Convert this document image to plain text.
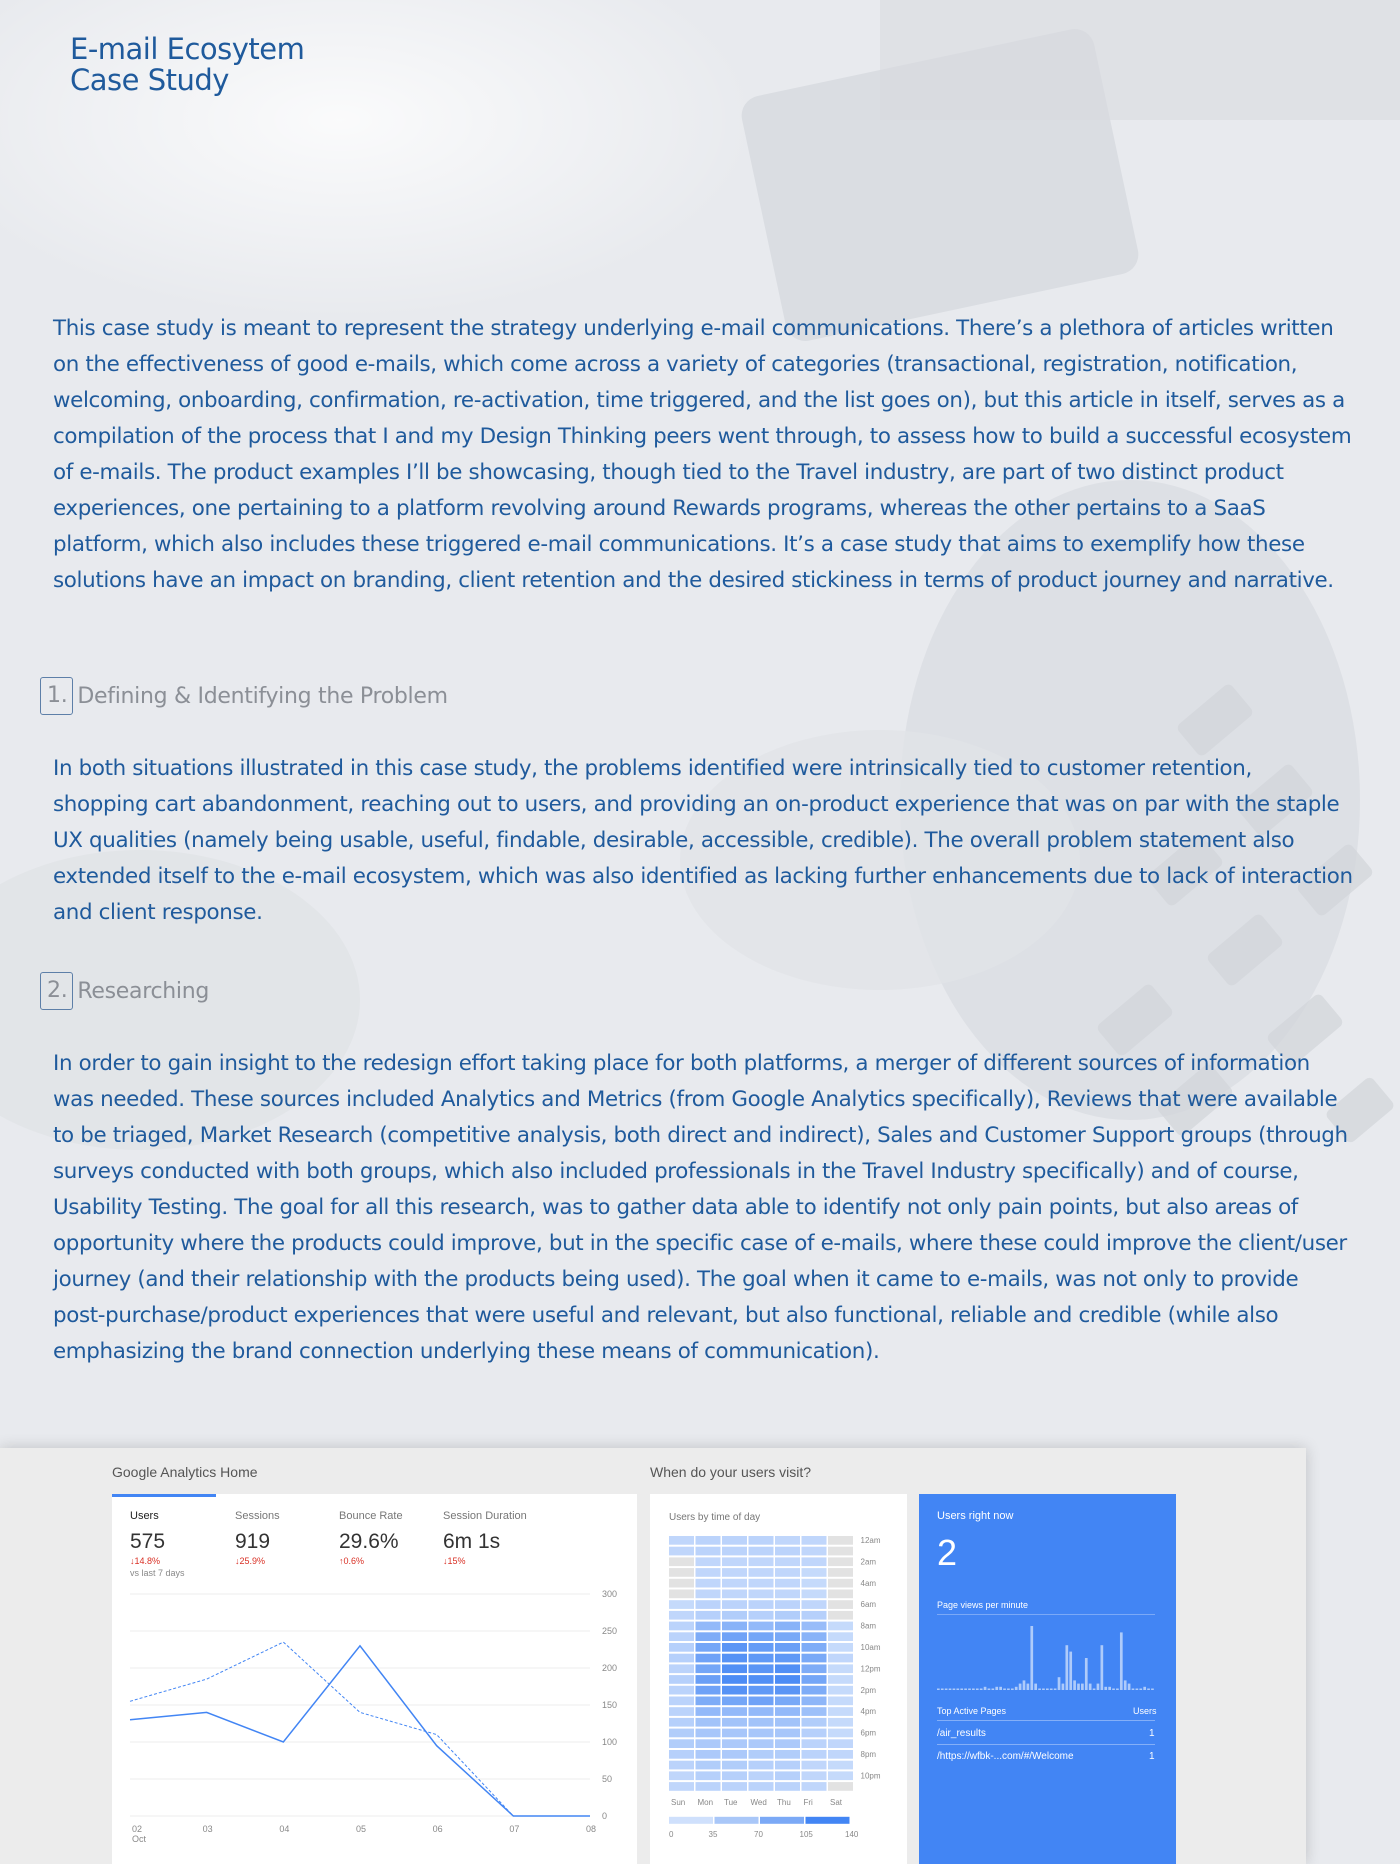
E-mail Ecosytem
Case Study

This case study is meant to represent the strategy underlying e-mail communications. There’s a plethora of articles written on the effectiveness of good e-mails, which come across a variety of categories (transactional, registration, notification, welcoming, onboarding, confirmation, re-activation, time triggered, and the list goes on), but this article in itself, serves as a compilation of the process that I and my Design Thinking peers went through, to assess how to build a successful ecosystem of e-mails. The product examples I’ll be showcasing, though tied to the Travel industry, are part of two distinct product experiences, one pertaining to a platform revolving around Rewards programs, whereas the other pertains to a SaaS platform, which also includes these triggered e-mail communications. It’s a case study that aims to exemplify how these solutions have an impact on branding, client retention and the desired stickiness in terms of product journey and narrative.

1. Defining & Identifying the Problem

In both situations illustrated in this case study, the problems identified were intrinsically tied to customer retention, shopping cart abandonment, reaching out to users, and providing an on-product experience that was on par with the staple UX qualities (namely being usable, useful, findable, desirable, accessible, credible). The overall problem statement also extended itself to the e-mail ecosystem, which was also identified as lacking further enhancements due to lack of interaction and client response.

2. Researching

In order to gain insight to the redesign effort taking place for both platforms, a merger of different sources of information was needed. These sources included Analytics and Metrics (from Google Analytics specifically), Reviews that were available to be triaged, Market Research (competitive analysis, both direct and indirect), Sales and Customer Support groups (through surveys conducted with both groups, which also included professionals in the Travel Industry specifically) and of course, Usability Testing. The goal for all this research, was to gather data able to identify not only pain points, but also areas of opportunity where the products could improve, but in the specific case of e-mails, where these could improve the client/user journey (and their relationship with the products being used). The goal when it came to e-mails, was not only to provide post-purchase/product experiences that were useful and relevant, but also functional, reliable and credible (while also emphasizing the brand connection underlying these means of communication).

Google Analytics Home	When do your users visit?
Users
575
↓14.8%
vs last 7 days
Sessions
919
↓25.9%
Bounce Rate
29.6%
↑0.6%
Session Duration
6m 1s
↓15%
0
50
100
150
200
250
300
02	03	04	05	06	07	08
Oct
Users by time of day
12am
2am
4am
6am
8am
10am
12pm
2pm
4pm
6pm
8pm
10pm
Sun Mon Tue Wed Thu Fri Sat
0	35	70	105	140
Users right now
2
Page views per minute
Top Active Pages	Users
/air_results	1
/https://wfbk-...com/#/Welcome	1
